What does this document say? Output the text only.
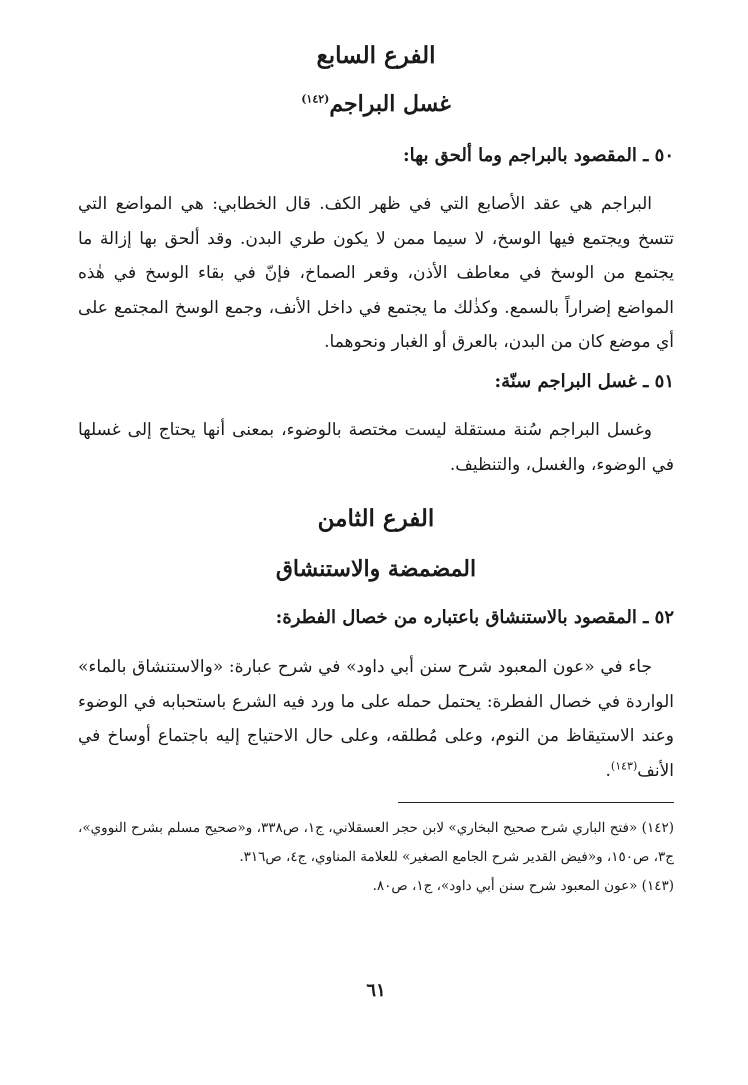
الفرع السابع
غسل البراجم$^{(١٤٢)}$
٥٠ ـ المقصود بالبراجم وما ألحق بها:

البراجم هي عقد الأصابع التي في ظهر الكف. قال الخطابي: هي المواضع التي تتسخ ويجتمع فيها الوسخ، لا سيما ممن لا يكون طري البدن. وقد ألحق بها إزالة ما يجتمع من الوسخ في معاطف الأذن، وقعر الصماخ، فإنّ في بقاء الوسخ في هٰذه المواضع إضراراً بالسمع. وكذٰلك ما يجتمع في داخل الأنف، وجمع الوسخ المجتمع على أي موضع كان من البدن، بالعرق أو الغبار ونحوهما.

٥١ ـ غسل البراجم سنّة:

وغسل البراجم سُنة مستقلة ليست مختصة بالوضوء، بمعنى أنها يحتاج إلى غسلها في الوضوء، والغسل، والتنظيف.

الفرع الثامن
المضمضة والاستنشاق
٥٢ ـ المقصود بالاستنشاق باعتباره من خصال الفطرة:

جاء في «عون المعبود شرح سنن أبي داود» في شرح عبارة: «والاستنشاق بالماء» الواردة في خصال الفطرة: يحتمل حمله على ما ورد فيه الشرع باستحبابه في الوضوء وعند الاستيقاظ من النوم، وعلى مُطلقه، وعلى حال الاحتياج إليه باجتماع أوساخ في الأنف$^{(١٤٣)}$.

(١٤٢) «فتح الباري شرح صحيح البخاري» لابن حجر العسقلاني، ج١، ص٣٣٨، و«صحيح مسلم بشرح النووي»، ج٣، ص١٥٠، و«فيض القدير شرح الجامع الصغير» للعلامة المناوي، ج٤، ص٣١٦.

(١٤٣) «عون المعبود شرح سنن أبي داود»، ج١، ص٨٠.

٦١
